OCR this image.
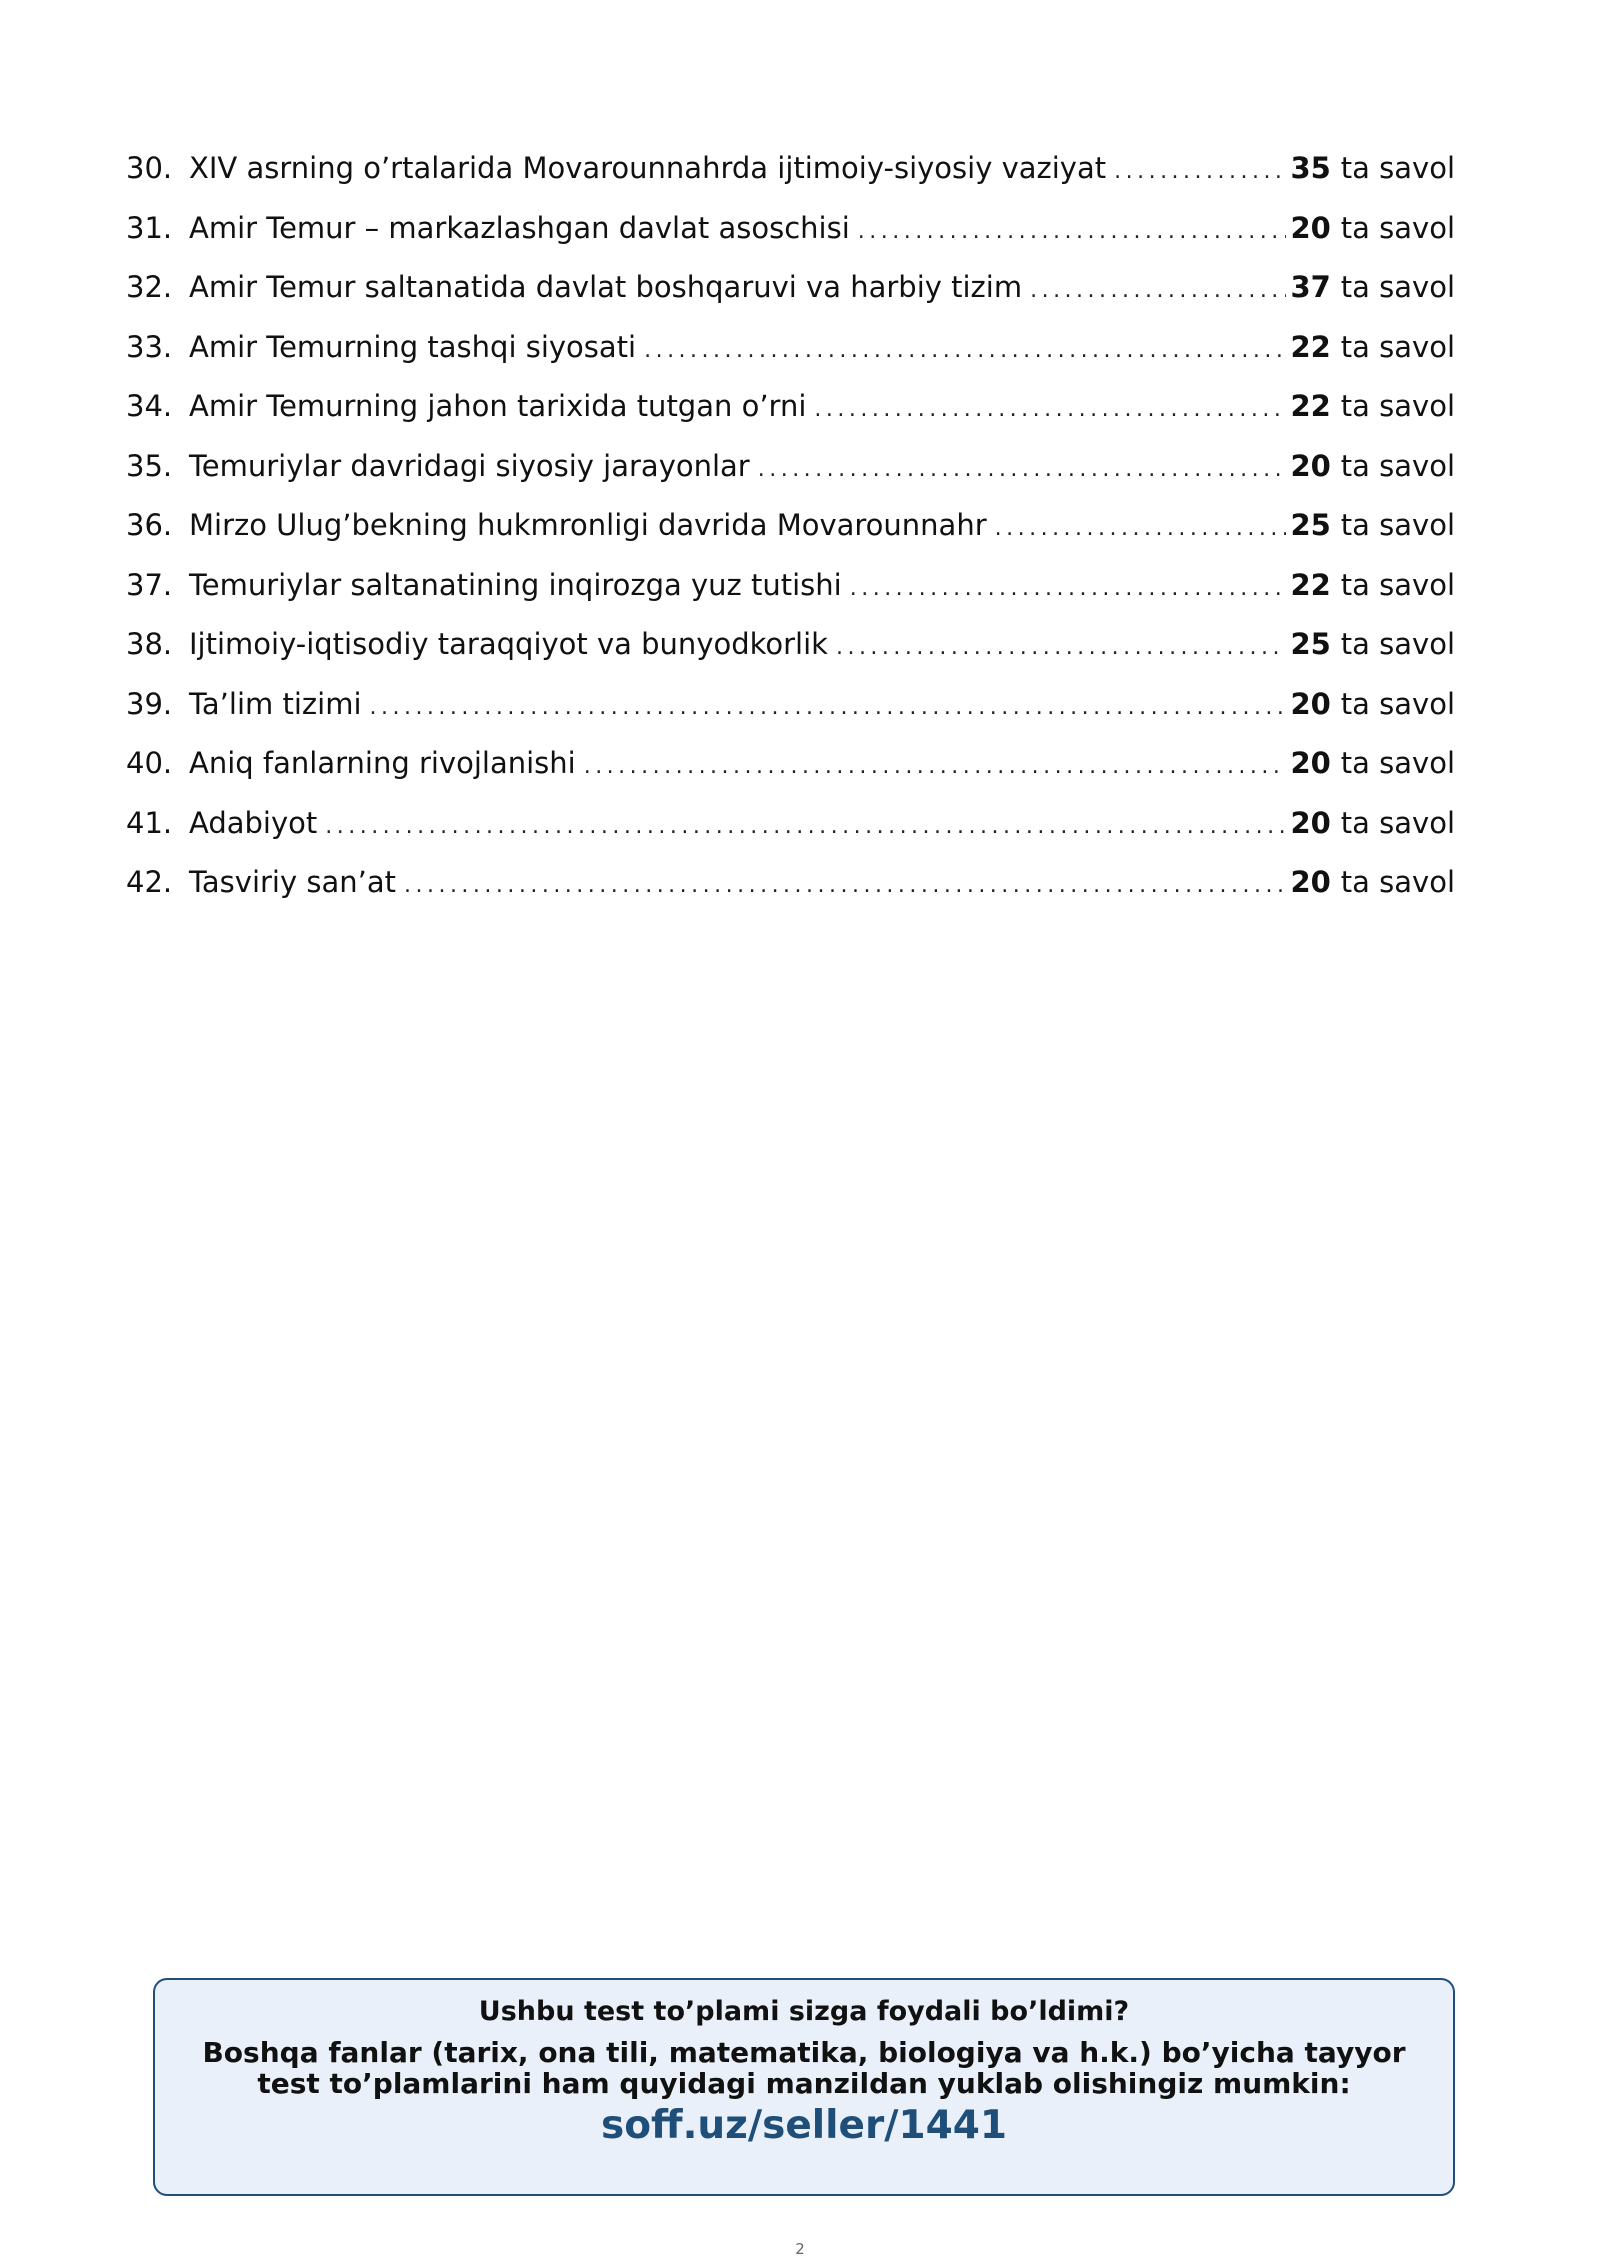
30. XIV asrning o’rtalarida Movarounnahrda ijtimoiy-siyosiy vaziyat . . .	35 ta savol
31. Amir Temur – markazlashgan davlat asoschisi . . .	20 ta savol
32. Amir Temur saltanatida davlat boshqaruvi va harbiy tizim . . .	37 ta savol
33. Amir Temurning tashqi siyosati . . .	22 ta savol
34. Amir Temurning jahon tarixida tutgan o’rni . . .	22 ta savol
35. Temuriylar davridagi siyosiy jarayonlar . . .	20 ta savol
36. Mirzo Ulug’bekning hukmronligi davrida Movarounnahr . . .	25 ta savol
37. Temuriylar saltanatining inqirozga yuz tutishi . . .	22 ta savol
38. Ijtimoiy-iqtisodiy taraqqiyot va bunyodkorlik . . .	25 ta savol
39. Ta’lim tizimi . . .	20 ta savol
40. Aniq fanlarning rivojlanishi . . .	20 ta savol
41. Adabiyot . . .	20 ta savol
42. Tasviriy san’at . . .	20 ta savol
Ushbu test to’plami sizga foydali bo’ldimi?
Boshqa fanlar (tarix, ona tili, matematika, biologiya va h.k.) bo’yicha tayyor test to’plamlarini ham quyidagi manzildan yuklab olishingiz mumkin:
soff.uz/seller/1441
2
